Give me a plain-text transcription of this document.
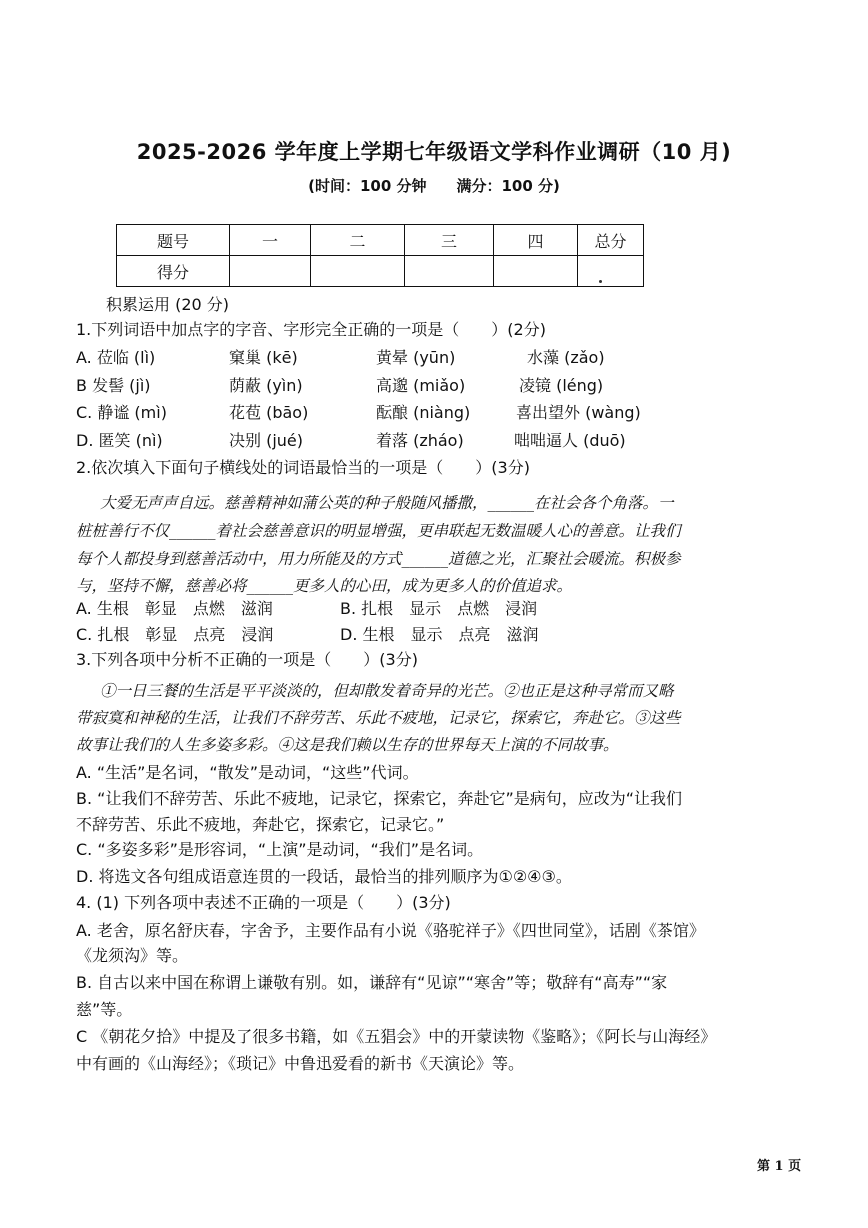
2025-2026 学年度上学期七年级语文学科作业调研（10 月)
(时间：100 分钟　　满分：100 分)
题号	一	二	三	四	总分
得分					
积累运用 (20 分)
1.下列词语中加点字的字音、字形完全正确的一项是（　　）(2分)
A. 莅临 (lì)	窠巢 (kē)	黄晕 (yūn)	水藻 (zǎo)
B 发髻 (jì)	荫蔽 (yìn)	高邈 (miǎo)	凌镜 (léng)
C. 静谧 (mì)	花苞 (bāo)	酝酿 (niàng)	喜出望外 (wàng)
D. 匿笑 (nì)	决别 (jué)	着落 (zháo)	咄咄逼人 (duō)
2.依次填入下面句子横线处的词语最恰当的一项是（　　）(3分)
大爱无声声自远。慈善精神如蒲公英的种子般随风播撒，______在社会各个角落。一
桩桩善行不仅______着社会慈善意识的明显增强，更串联起无数温暖人心的善意。让我们
每个人都投身到慈善活动中，用力所能及的方式______道德之光，汇聚社会暖流。积极参
与，坚持不懈，慈善必将______更多人的心田，成为更多人的价值追求。
A. 生根　彰显　点燃　滋润	B. 扎根　显示　点燃　浸润
C. 扎根　彰显　点亮　浸润	D. 生根　显示　点亮　滋润
3.下列各项中分析不正确的一项是（　　）(3分)
①一日三餐的生活是平平淡淡的，但却散发着奇异的光芒。②也正是这种寻常而又略
带寂寞和神秘的生活，让我们不辞劳苦、乐此不疲地，记录它，探索它，奔赴它。③这些
故事让我们的人生多姿多彩。④这是我们赖以生存的世界每天上演的不同故事。
A. “生活”是名词，“散发”是动词，“这些”代词。
B. “让我们不辞劳苦、乐此不疲地，记录它，探索它，奔赴它”是病句，应改为“让我们
不辞劳苦、乐此不疲地，奔赴它，探索它，记录它。”
C. “多姿多彩”是形容词，“上演”是动词，“我们”是名词。
D. 将选文各句组成语意连贯的一段话，最恰当的排列顺序为①②④③。
4. (1) 下列各项中表述不正确的一项是（　　）(3分)
A. 老舍，原名舒庆春，字舍予，主要作品有小说《骆驼祥子》《四世同堂》，话剧《茶馆》
《龙须沟》等。
B. 自古以来中国在称谓上谦敬有别。如，谦辞有“见谅”“寒舍”等；敬辞有“高寿”“家
慈”等。
C 《朝花夕拾》中提及了很多书籍，如《五猖会》中的开蒙读物《鉴略》；《阿长与山海经》
中有画的《山海经》；《琐记》中鲁迅爱看的新书《天演论》等。
第 1 页
